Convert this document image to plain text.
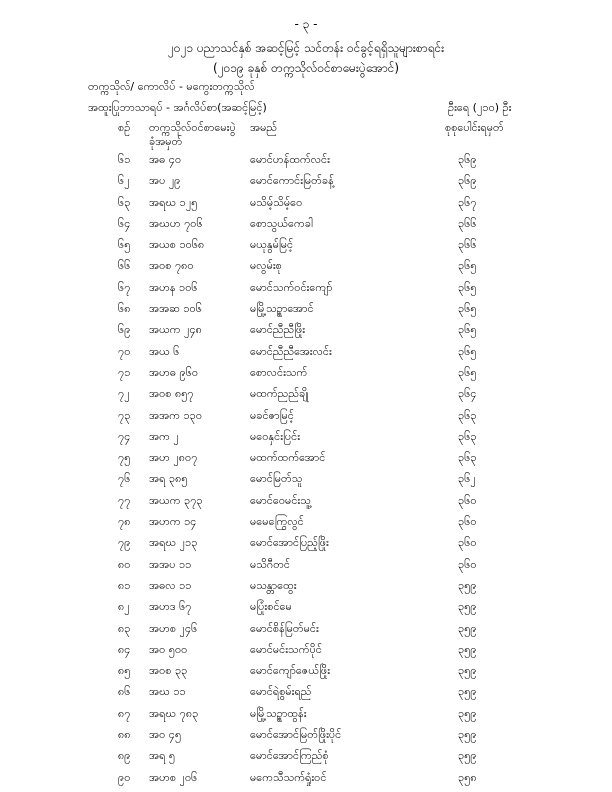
- ၃ -
၂၀၂၁ ပညာသင်နှစ် အဆင့်မြင့် သင်တန်း ဝင်ခွင့်ရရှိသူများစာရင်း
(၂၀၁၉ ခုနှစ် တက္ကသိုလ်ဝင်စာမေးပွဲအောင်)
တက္ကသိုလ်/ ကောလိပ် - မကွေးတက္ကသိုလ်
အထူးပြုဘာသာရပ် - အင်္ဂလိပ်စာ(အဆင့်မြင့်)	ဦးရေ (၂၁၀) ဦး
စဉ် တက္ကသိုလ်ဝင်စာမေးပွဲ
ခုံအမှတ်
အမည်	စုစုပေါင်းရမှတ်
၆၁ အဓ ၄၀	မောင်ဟန်ထက်လင်း	၃၆၉
၆၂ အပ ၂၉	မောင်ကောင်းမြတ်ခန့်	၃၆၉
၆၃ အရဃ ၁၂၅	မသိမ့်သိမ့်ဝေ	၃၆၇
၆၄ အဃဟ ၇၀၆	စောသွယ်ကေခါ	၃၆၆
၆၅ အယစ ၁၀၆၈	မယုနွမ်မြင့်	၃၆၆
၆၆ အဝစ ၇၈၀	မလွမ်းစု	၃၆၅
၆၇ အဟန ၁၀၆	မောင်သက်ဝင်းကျော်	၃၆၅
၆၈ အအဆ ၁၀၆	မမြို့သဉ္စာအောင်	၃၆၅
၆၉ အယက ၂၄၈	မောင်ညီညီဖြိုး	၃၆၅
၇၀ အယ ၆	မောင်ညီညီအေးလင်း	၃၆၅
၇၁ အဟဓ ၉၆၀	စောလင်းသက်	၃၆၅
၇၂ အဝစ ၈၅၇	မထက်ညည်ချို	၃၆၄
၇၃ အအက ၁၃၀	မခင်ဇာမြင့်	၃၆၃
၇၄ အက ၂	မဝေနှင်းပြင်း	၃၆၃
၇၅ အဟ ၂၈၀၇	မထက်ထက်အောင်	၃၆၃
၇၆ အရ ၃၈၅	မောင်မြတ်သူ	၃၆၂
၇၇ အယက ၃၇၃	မောင်ဝေမင်းသူ့	၃၆၀
၇၈ အဟက ၁၄	မမေကြွေလွင်	၃၆၀
၇၉ အရဃ ၂၁၃	မောင်အောင်ပြည့်ဖြိုး	၃၆၀
၈၀ အအပ ၁၁	မသိဂီတင်	၃၆၀
၈၁ အဓလ ၁၁	မသန္တာထွေး	၃၅၉
၈၂ အဟဒ ၆၇	မပြုံးစင်မေ	၃၅၉
၈၃ အဟစ ၂၄၆	မောင်စိန်မြတ်မင်း	၃၅၉
၈၄ အဝ ၅၀၀	မောင်မင်းသက်ပိုင်	၃၅၉
၈၅ အဝစ ၃၃	မောင်ကျော်ဇေယ်ဖြိုး	၃၅၉
၈၆ အဃ ၁၁	မောင်ရဲစွမ်းရည်	၃၅၉
၈၇ အရဃ ၇၈၃	မမြို့သဉ္စာထွန်း	၃၅၉
၈၈ အဝ ၄၅	မောင်အောင်မြတ်ဖြိုးပိုင်	၃၅၉
၈၉ အရ ၅	မောင်အောင်ကြည်စုံ	၃၅၉
၉၀ အဟစ ၂၀၆	မကေသီသက်ရှုံးဝင်	၃၅၈
